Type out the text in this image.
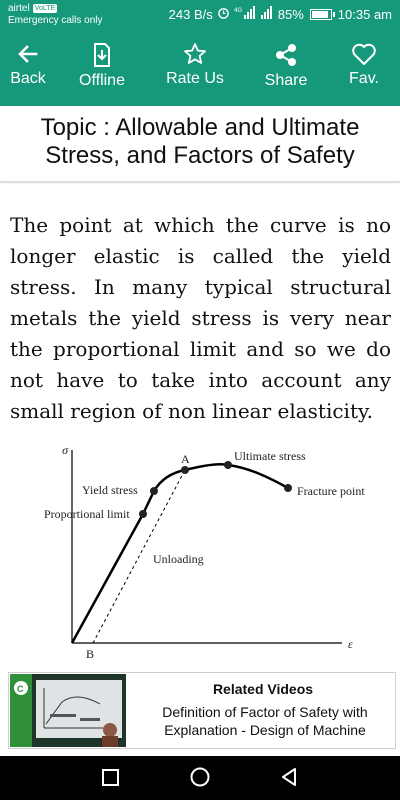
airtel VoLTE
Emergency calls only	243 B/s	4G	85%	10:35 am
Back Offline	Rate Us	Share	Fav.
Topic : Allowable and Ultimate Stress, and Factors of Safety

The point at which the curve is no longer elastic is called the yield stress. In many typical structural metals the yield stress is very near the proportional limit and so we do not have to take into account any small region of non linear elasticity.

σ
ε
A
B
Ultimate stress
Yield stress
Proportional limit
Fracture point
Unloading
C	Related Videos
Definition of Factor of Safety with Explanation - Design of Machine
